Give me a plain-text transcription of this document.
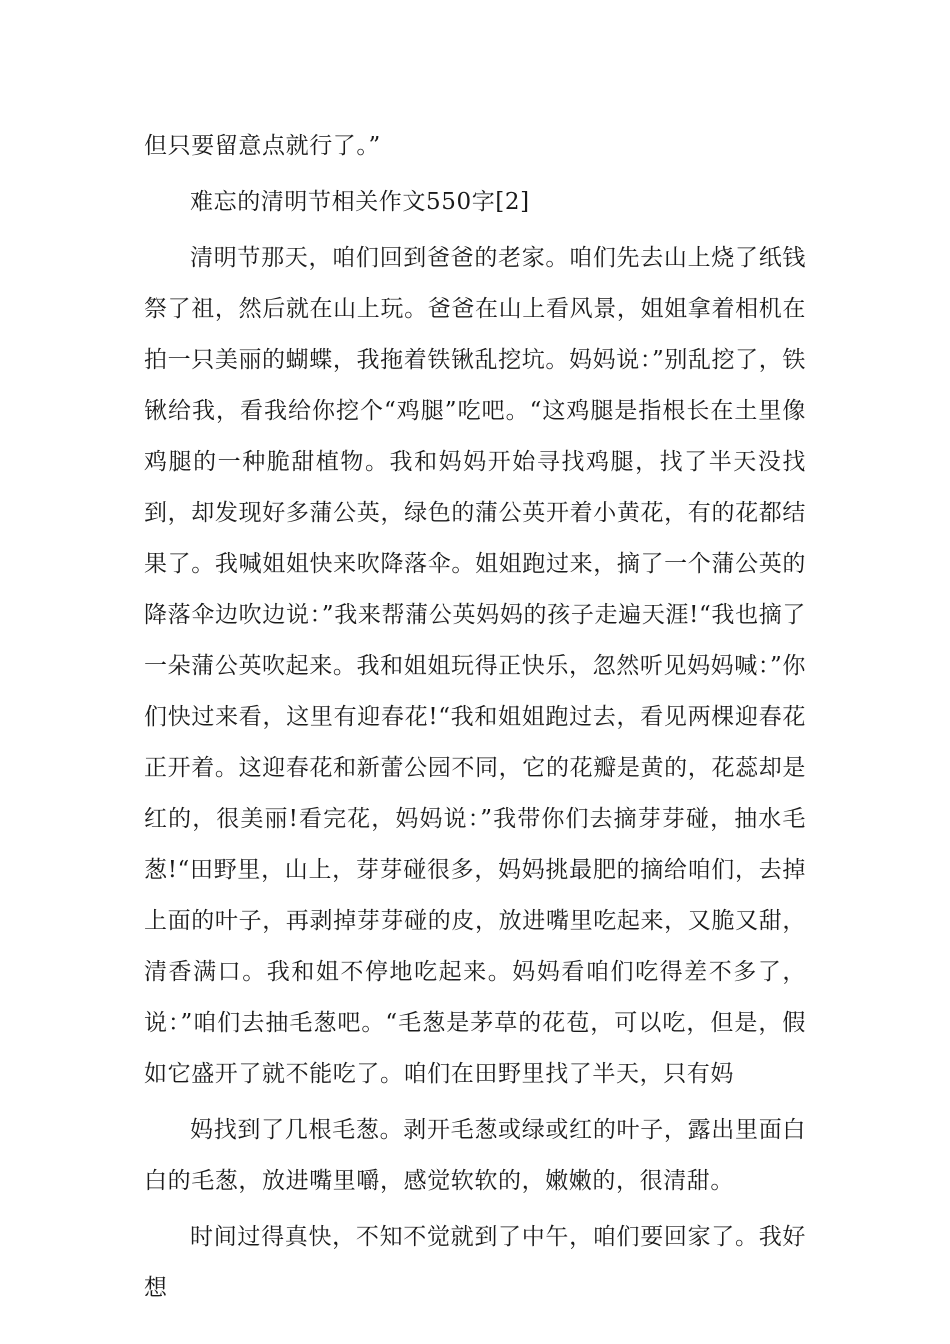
但只要留意点就行了。”

难忘的清明节相关作文550字[2]

清明节那天，咱们回到爸爸的老家。咱们先去山上烧了纸钱祭了祖，然后就在山上玩。爸爸在山上看风景，姐姐拿着相机在拍一只美丽的蝴蝶，我拖着铁锹乱挖坑。妈妈说：”别乱挖了，铁锹给我，看我给你挖个“鸡腿”吃吧。“这鸡腿是指根长在土里像鸡腿的一种脆甜植物。我和妈妈开始寻找鸡腿，找了半天没找到，却发现好多蒲公英，绿色的蒲公英开着小黄花，有的花都结果了。我喊姐姐快来吹降落伞。姐姐跑过来，摘了一个蒲公英的降落伞边吹边说：”我来帮蒲公英妈妈的孩子走遍天涯!“我也摘了一朵蒲公英吹起来。我和姐姐玩得正快乐，忽然听见妈妈喊：”你们快过来看，这里有迎春花!“我和姐姐跑过去，看见两棵迎春花正开着。这迎春花和新蕾公园不同，它的花瓣是黄的，花蕊却是红的，很美丽!看完花，妈妈说：”我带你们去摘芽芽碰，抽水毛葱!“田野里，山上，芽芽碰很多，妈妈挑最肥的摘给咱们，去掉上面的叶子，再剥掉芽芽碰的皮，放进嘴里吃起来，又脆又甜，清香满口。我和姐不停地吃起来。妈妈看咱们吃得差不多了，说：”咱们去抽毛葱吧。“毛葱是茅草的花苞，可以吃，但是，假如它盛开了就不能吃了。咱们在田野里找了半天，只有妈

妈找到了几根毛葱。剥开毛葱或绿或红的叶子，露出里面白白的毛葱，放进嘴里嚼，感觉软软的，嫩嫩的，很清甜。

时间过得真快，不知不觉就到了中午，咱们要回家了。我好想
